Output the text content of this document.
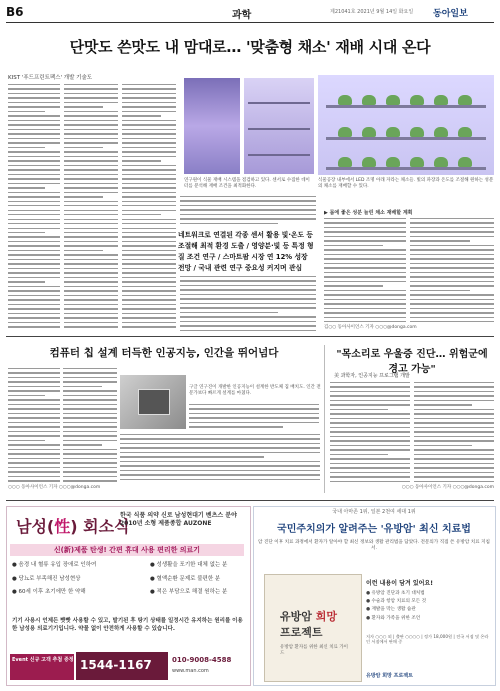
B6	과학	제21041호 2021년 9월 14일 화요일 동아일보
단맛도 쓴맛도 내 맘대로… '맞춤형 채소' 재배 시대 온다
KIST '푸드프린트팩스' 개발 기술도
연구원이 식물 재배 시스템을 점검하고 있다. 센서로 수집한 데이터를 분석해 재배 조건을 최적화한다.
식물공장 내부에서 LED 조명 아래 자라는 채소들. 빛의 파장과 온도를 조절해 원하는 성분의 채소를 재배할 수 있다.
네트워크로 연결된 각종 센서 활용 빛·온도 등 조절해 최적 환경 도출 / 영양분·빛 등 특정 형질 조건 연구 / 스마트팜 시장 연 12% 성장 전망 / 국내 관련 연구 중요성 커지며 관심
▶ 몸에 좋은 성분 늘린 채소 재배할 계획
김○○ 동아사이언스 기자 ○○○@donga.com
컴퓨터 칩 설계 터득한 인공지능, 인간을 뛰어넘다
구글 연구진이 개발한 인공지능이 설계한 반도체 칩 배치도. 인간 전문가보다 빠르게 설계를 마쳤다.
○○○ 동아사이언스 기자 ○○○@donga.com
"목소리로 우울증 진단… 위험군에 경고 가능"
美 과학자, 인공지능 프로그램 개발
○○○ 동아사이언스 기자 ○○○@donga.com
남성(性) 회소식
한국 식품 의약 신로 남성현대기 벤츠스 분야 2010년 소형 제품종합 AUZONE
신(新)제품 탄생! 간편 휴대 사용 편리한 의료기
● 음경 내 혈류 유입 장애로 인하여
● 당뇨로 부족해진 남성현상
● 60세 이후 초기에만 한 약해
● 성생활을 포기한 대체 없는 분
● 혈액순환 문제로 불편한 분
● 적은 부담으로 해결 원하는 분
기기 사용시 언제든 빳빳 사용할 수 있고, 발기된 후 탕기 상태를 일정시간 유지하는 원리를 이용한 남성용 의료기기입니다. 약물 없이 안전하게 사용할 수 있습니다.
Event 신규 고객 추첨 증정 1544-1167	010-9008-4588
www.man.com
국내 아마존 1위, 일본 2천여 세대 1위
국민주치의가 알려주는 '유방암' 최신 치료법
암 진단 이후 치료 과정에서 환자가 알아야 할 최신 정보와 생활 관리법을 담았다. 전문의가 직접 쓴 유방암 치료 지침서.
유방암 희망 프로젝트
유방암 환자를 위한 최신 치료 가이드
이런 내용이 담겨 있어요!
● 유방암 진단과 초기 대처법
● 수술과 항암 치료의 모든 것
● 재발을 막는 생활 습관
● 환자와 가족을 위한 조언
저자 ○○○ 외 | 출판 ○○○○ | 정가 18,000원 | 전국 서점 및 온라인 서점에서 판매 중
유방암 희망 프로젝트
